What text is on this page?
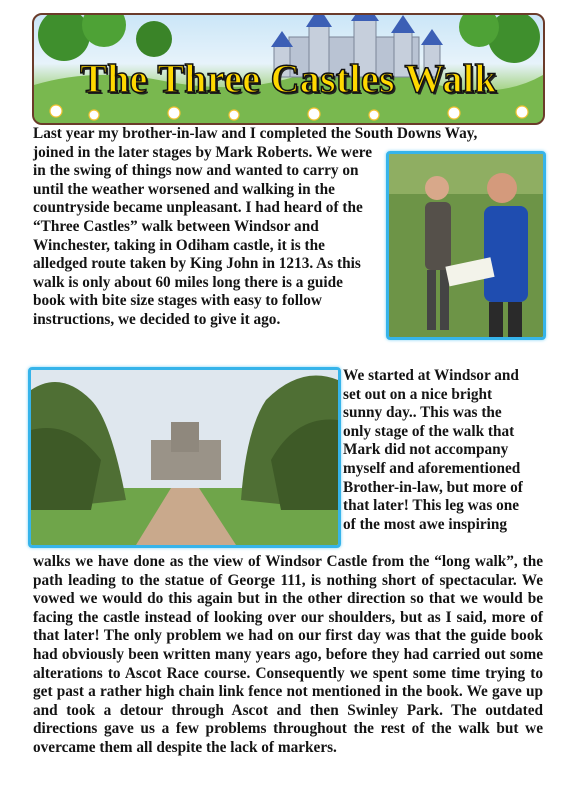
The Three Castles Walk

Last year my brother-in-law and I completed the South Downs Way,

joined in the later stages by Mark Roberts. We were in the swing of things now and wanted to carry on until the weather worsened and walking in the countryside became unpleasant. I had heard of the “Three Castles” walk between Windsor and Winchester, taking in Odiham castle, it is the alledged route taken by King John in 1213. As this walk is only about 60 miles long there is a guide book with bite size stages with easy to follow instructions, we decided to give it ago.

We started at Windsor and set out on a nice bright sunny day.. This was the only stage of the walk that Mark did not accompany myself and aforementioned Brother-in-law, but more of that later! This leg was one of the most awe inspiring

walks we have done as the view of Windsor Castle from the “long walk”, the path leading to the statue of George 111, is nothing short of spectacular. We vowed we would do this again but in the other direction so that we would be facing the castle instead of looking over our shoulders, but as I said, more of that later! The only problem we had on our first day was that the guide book had obviously been written many years ago, before they had carried out some alterations to Ascot Race course. Consequently we spent some time trying to get past a rather high chain link fence not mentioned in the book. We gave up and took a detour through Ascot and then Swinley Park. The outdated directions gave us a few problems throughout the rest of the walk but we overcame them all despite the lack of markers.
